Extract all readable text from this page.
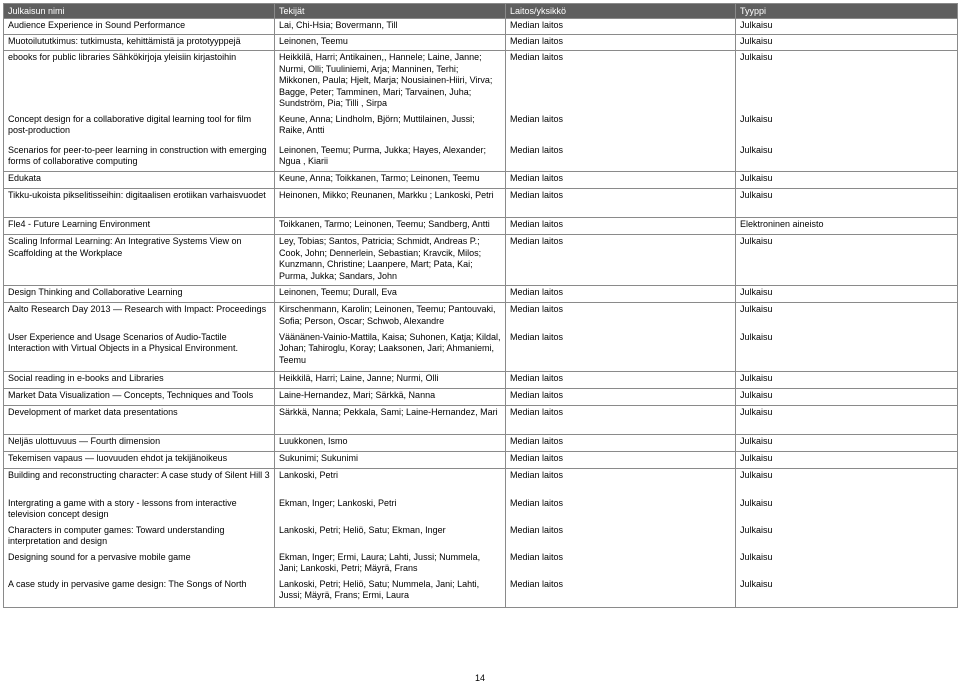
Julkaisun nimi	Tekijät	Laitos/yksikkö	Tyyppi
Audience Experience in Sound Performance	Lai, Chi-Hsia; Bovermann, Till	Median laitos	Julkaisu
Muotoilututkimus: tutkimusta, kehittämistä ja prototyyppejä	Leinonen, Teemu	Median laitos	Julkaisu
ebooks for public libraries Sähkökirjoja yleisiin kirjastoihin	Heikkilä, Harri; Antikainen,, Hannele; Laine, Janne; Nurmi, Olli; Tuuliniemi, Arja; Manninen, Terhi; Mikkonen, Paula; Hjelt, Marja; Nousiainen-Hiiri, Virva; Bagge, Peter; Tamminen, Mari; Tarvainen, Juha; Sundström, Pia; Tilli , Sirpa	Median laitos	Julkaisu
Concept design for a collaborative digital learning tool for film post-production	Keune, Anna; Lindholm, Björn; Muttilainen, Jussi; Raike, Antti	Median laitos	Julkaisu
Scenarios for peer-to-peer learning in construction with emerging forms of collaborative computing	Leinonen, Teemu; Purma, Jukka; Hayes, Alexander; Ngua , Kiarii	Median laitos	Julkaisu
Edukata	Keune, Anna; Toikkanen, Tarmo; Leinonen, Teemu	Median laitos	Julkaisu
Tikku-ukoista pikselitisseihin: digitaalisen erotiikan varhaisvuodet	Heinonen, Mikko; Reunanen, Markku ; Lankoski, Petri	Median laitos	Julkaisu
Fle4 - Future Learning Environment	Toikkanen, Tarmo; Leinonen, Teemu; Sandberg, Antti	Median laitos	Elektroninen aineisto
Scaling Informal Learning: An Integrative Systems View on Scaffolding at the Workplace	Ley, Tobias; Santos, Patricia; Schmidt, Andreas P.; Cook, John; Dennerlein, Sebastian; Kravcik, Milos; Kunzmann, Christine; Laanpere, Mart; Pata, Kai; Purma, Jukka; Sandars, John	Median laitos	Julkaisu
Design Thinking and Collaborative Learning	Leinonen, Teemu; Durall, Eva	Median laitos	Julkaisu
Aalto Research Day 2013 — Research with Impact: Proceedings	Kirschenmann, Karolin; Leinonen, Teemu; Pantouvaki, Sofia; Person, Oscar; Schwob, Alexandre	Median laitos	Julkaisu
User Experience and Usage Scenarios of Audio-Tactile Interaction with Virtual Objects in a Physical Environment.	Väänänen-Vainio-Mattila, Kaisa; Suhonen, Katja; Kildal, Johan; Tahiroglu, Koray; Laaksonen, Jari; Ahmaniemi, Teemu	Median laitos	Julkaisu
Social reading in e-books and Libraries	Heikkilä, Harri; Laine, Janne; Nurmi, Olli	Median laitos	Julkaisu
Market Data Visualization — Concepts, Techniques and Tools	Laine-Hernandez, Mari; Särkkä, Nanna	Median laitos	Julkaisu
Development of market data presentations	Särkkä, Nanna; Pekkala, Sami; Laine-Hernandez, Mari	Median laitos	Julkaisu
Neljäs ulottuvuus — Fourth dimension	Luukkonen, Ismo	Median laitos	Julkaisu
Tekemisen vapaus — luovuuden ehdot ja tekijänoikeus	Sukunimi; Sukunimi	Median laitos	Julkaisu
Building and reconstructing character: A case study of Silent Hill 3	Lankoski, Petri	Median laitos	Julkaisu
Intergrating a game with a story - lessons from interactive television concept design	Ekman, Inger; Lankoski, Petri	Median laitos	Julkaisu
Characters in computer games: Toward understanding interpretation and design	Lankoski, Petri; Heliö, Satu; Ekman, Inger	Median laitos	Julkaisu
Designing sound for a pervasive mobile game	Ekman, Inger; Ermi, Laura; Lahti, Jussi; Nummela, Jani; Lankoski, Petri; Mäyrä, Frans	Median laitos	Julkaisu
A case study in pervasive game design: The Songs of North	Lankoski, Petri; Heliö, Satu; Nummela, Jani; Lahti, Jussi; Mäyrä, Frans; Ermi, Laura	Median laitos	Julkaisu
14
